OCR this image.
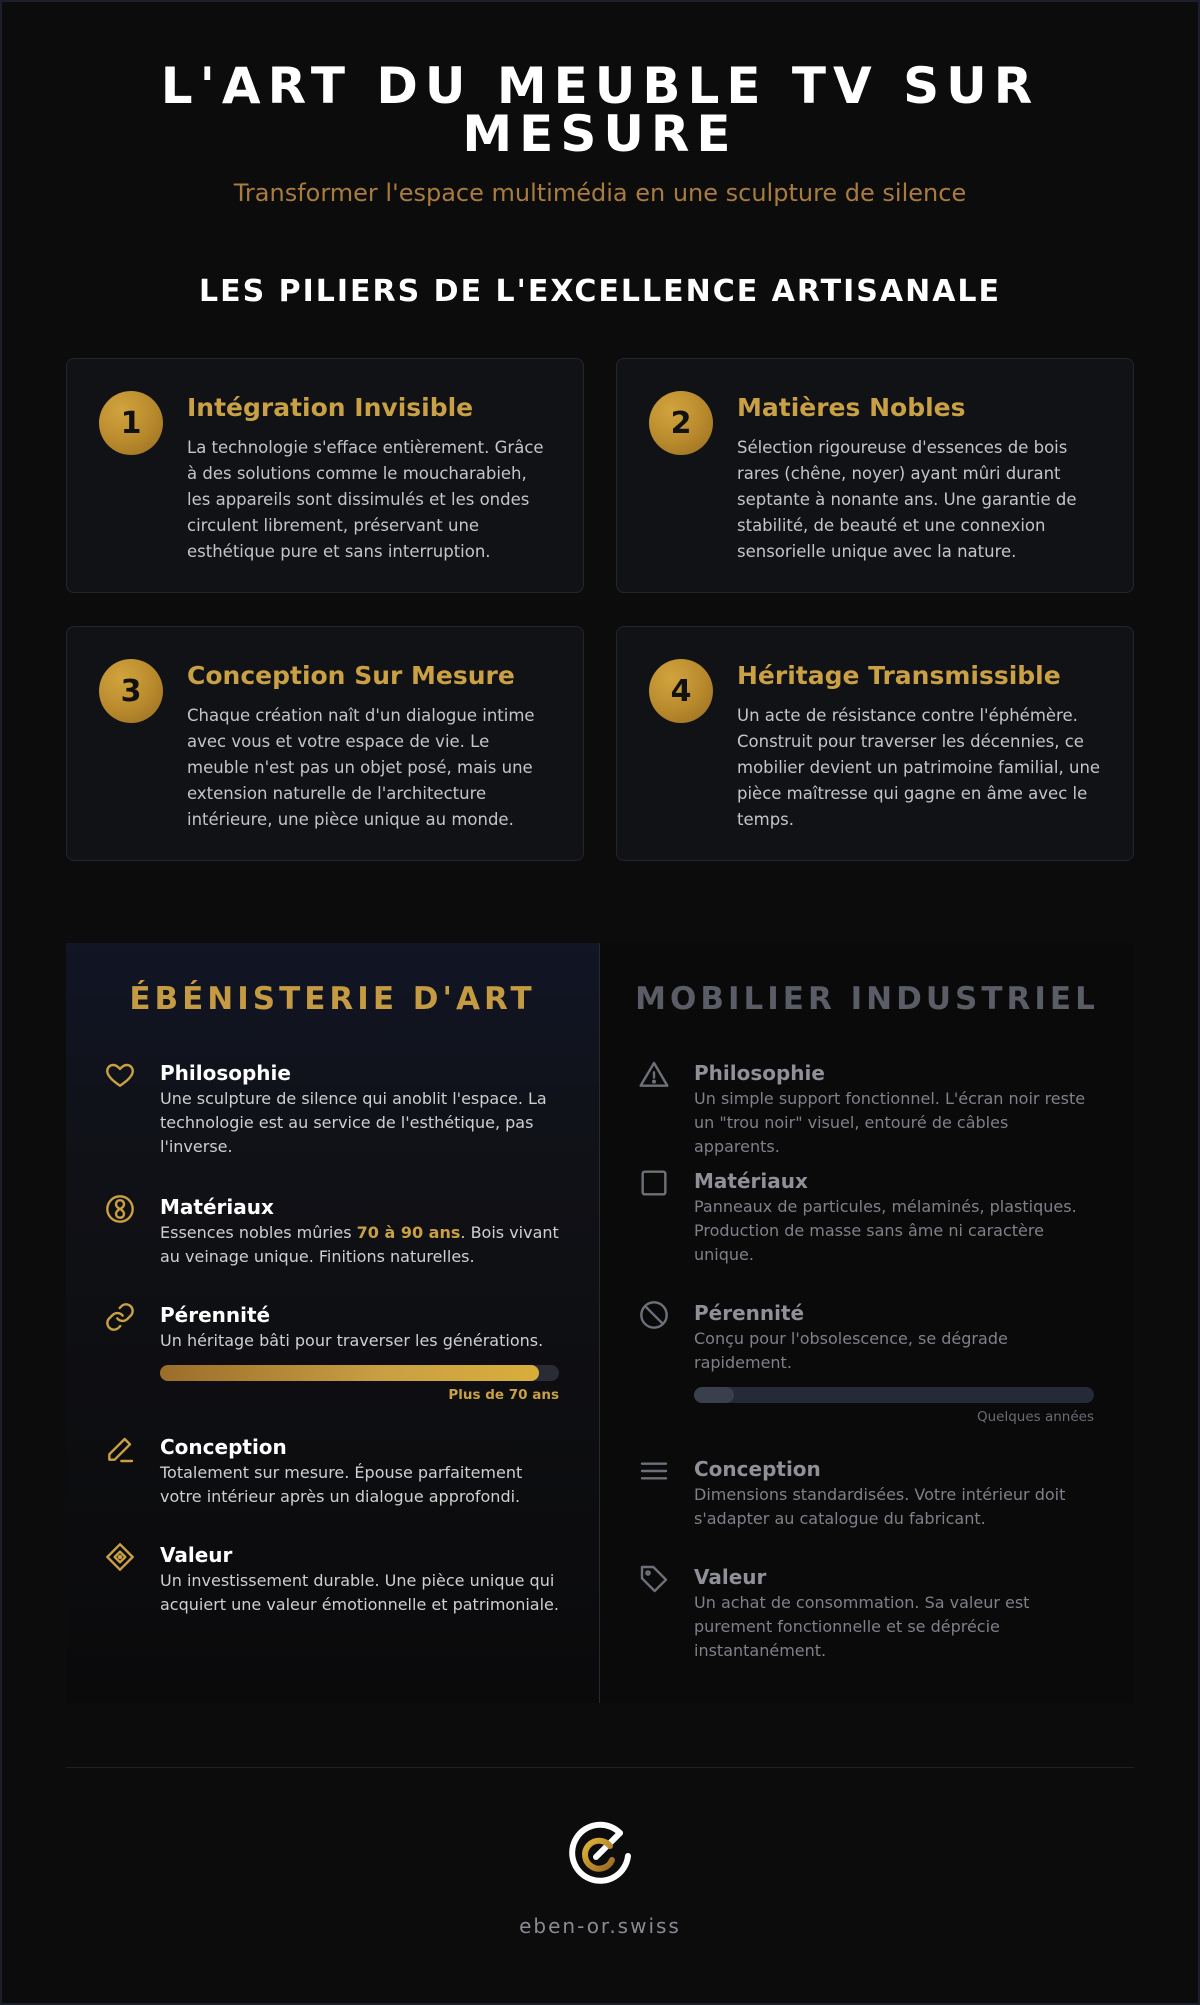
L'ART DU MEUBLE TV SUR
MESURE
Transformer l'espace multimédia en une sculpture de silence
LES PILIERS DE L'EXCELLENCE ARTISANALE
1	Intégration Invisible
La technologie s'efface entièrement. Grâce à des solutions comme le moucharabieh, les appareils sont dissimulés et les ondes circulent librement, préservant une esthétique pure et sans interruption.
2	Matières Nobles
Sélection rigoureuse d'essences de bois rares (chêne, noyer) ayant mûri durant septante à nonante ans. Une garantie de stabilité, de beauté et une connexion sensorielle unique avec la nature.
3	Conception Sur Mesure
Chaque création naît d'un dialogue intime avec vous et votre espace de vie. Le meuble n'est pas un objet posé, mais une extension naturelle de l'architecture intérieure, une pièce unique au monde.
4	Héritage Transmissible
Un acte de résistance contre l'éphémère. Construit pour traverser les décennies, ce mobilier devient un patrimoine familial, une pièce maîtresse qui gagne en âme avec le temps.
ÉBÉNISTERIE D'ART
Philosophie
Une sculpture de silence qui anoblit l'espace. La technologie est au service de l'esthétique, pas l'inverse.
Matériaux
Essences nobles mûries 70 à 90 ans. Bois vivant au veinage unique. Finitions naturelles.
Pérennité
Un héritage bâti pour traverser les générations.
Plus de 70 ans
Conception
Totalement sur mesure. Épouse parfaitement votre intérieur après un dialogue approfondi.
Valeur
Un investissement durable. Une pièce unique qui acquiert une valeur émotionnelle et patrimoniale.
MOBILIER INDUSTRIEL
Philosophie
Un simple support fonctionnel. L'écran noir reste un "trou noir" visuel, entouré de câbles apparents.
Matériaux
Panneaux de particules, mélaminés, plastiques. Production de masse sans âme ni caractère unique.
Pérennité
Conçu pour l'obsolescence, se dégrade rapidement.
Quelques années
Conception
Dimensions standardisées. Votre intérieur doit s'adapter au catalogue du fabricant.
Valeur
Un achat de consommation. Sa valeur est purement fonctionnelle et se déprécie instantanément.
eben-or.swiss
